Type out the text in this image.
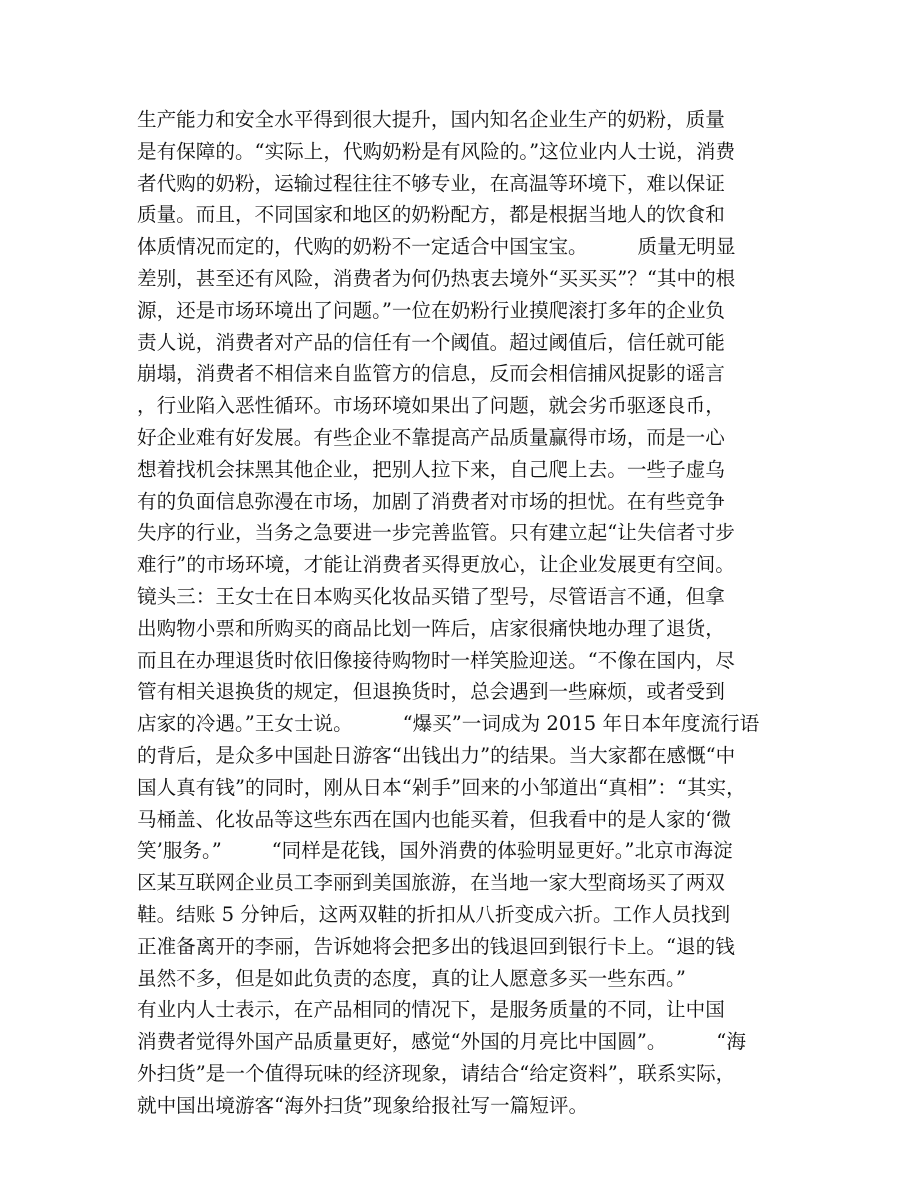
生产能力和安全水平得到很大提升，国内知名企业生产的奶粉，质量
是有保障的。“实际上，代购奶粉是有风险的。”这位业内人士说，消费
者代购的奶粉，运输过程往往不够专业，在高温等环境下，难以保证
质量。而且，不同国家和地区的奶粉配方，都是根据当地人的饮食和
体质情况而定的，代购的奶粉不一定适合中国宝宝。        质量无明显
差别，甚至还有风险，消费者为何仍热衷去境外“买买买”？“其中的根
源，还是市场环境出了问题。”一位在奶粉行业摸爬滚打多年的企业负
责人说，消费者对产品的信任有一个阈值。超过阈值后，信任就可能
崩塌，消费者不相信来自监管方的信息，反而会相信捕风捉影的谣言
，行业陷入恶性循环。市场环境如果出了问题，就会劣币驱逐良币，
好企业难有好发展。有些企业不靠提高产品质量赢得市场，而是一心
想着找机会抹黑其他企业，把别人拉下来，自己爬上去。一些子虚乌
有的负面信息弥漫在市场，加剧了消费者对市场的担忧。在有些竞争
失序的行业，当务之急要进一步完善监管。只有建立起“让失信者寸步
难行”的市场环境，才能让消费者买得更放心，让企业发展更有空间。
镜头三：王女士在日本购买化妆品买错了型号，尽管语言不通，但拿
出购物小票和所购买的商品比划一阵后，店家很痛快地办理了退货，
而且在办理退货时依旧像接待购物时一样笑脸迎送。“不像在国内，尽
管有相关退换货的规定，但退换货时，总会遇到一些麻烦，或者受到
店家的冷遇。”王女士说。        “爆买”一词成为 2015 年日本年度流行语
的背后，是众多中国赴日游客“出钱出力”的结果。当大家都在感慨“中
国人真有钱”的同时，刚从日本“剁手”回来的小邹道出“真相”：“其实，
马桶盖、化妆品等这些东西在国内也能买着，但我看中的是人家的‘微
笑’服务。”        “同样是花钱，国外消费的体验明显更好。”北京市海淀
区某互联网企业员工李丽到美国旅游，在当地一家大型商场买了两双
鞋。结账 5 分钟后，这两双鞋的折扣从八折变成六折。工作人员找到
正准备离开的李丽，告诉她将会把多出的钱退回到银行卡上。“退的钱
虽然不多，但是如此负责的态度，真的让人愿意多买一些东西。”
有业内人士表示，在产品相同的情况下，是服务质量的不同，让中国
消费者觉得外国产品质量更好，感觉“外国的月亮比中国圆”。        “海
外扫货”是一个值得玩味的经济现象，请结合“给定资料”，联系实际，
就中国出境游客“海外扫货”现象给报社写一篇短评。
